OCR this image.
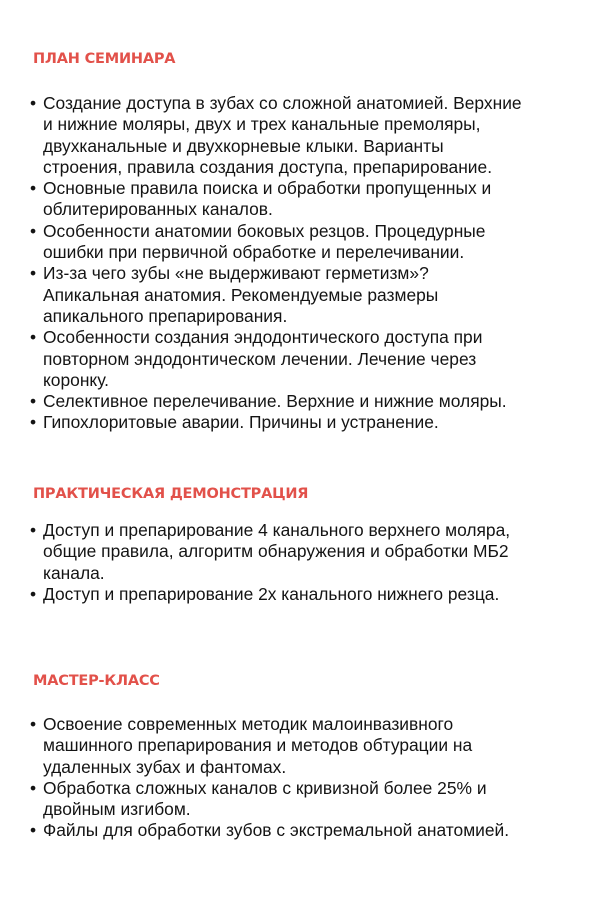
ПЛАН СЕМИНАРА
• Создание доступа в зубах со сложной анатомией. Верхние
и нижние моляры, двух и трех канальные премоляры,
двухканальные и двухкорневые клыки. Варианты
строения, правила создания доступа, препарирование.
• Основные правила поиска и обработки пропущенных и
облитерированных каналов.
• Особенности анатомии боковых резцов. Процедурные
ошибки при первичной обработке и перелечивании.
• Из-за чего зубы «не выдерживают герметизм»?
Апикальная анатомия. Рекомендуемые размеры
апикального препарирования.
• Особенности создания эндодонтического доступа при
повторном эндодонтическом лечении. Лечение через
коронку.
• Селективное перелечивание. Верхние и нижние моляры.
• Гипохлоритовые аварии. Причины и устранение.
ПРАКТИЧЕСКАЯ ДЕМОНСТРАЦИЯ
• Доступ и препарирование 4 канального верхнего моляра,
общие правила, алгоритм обнаружения и обработки МБ2
канала.
• Доступ и препарирование 2х канального нижнего резца.
МАСТЕР-КЛАСС
• Освоение современных методик малоинвазивного
машинного препарирования и методов обтурации на
удаленных зубах и фантомах.
• Обработка сложных каналов с кривизной более 25% и
двойным изгибом.
• Файлы для обработки зубов с экстремальной анатомией.
